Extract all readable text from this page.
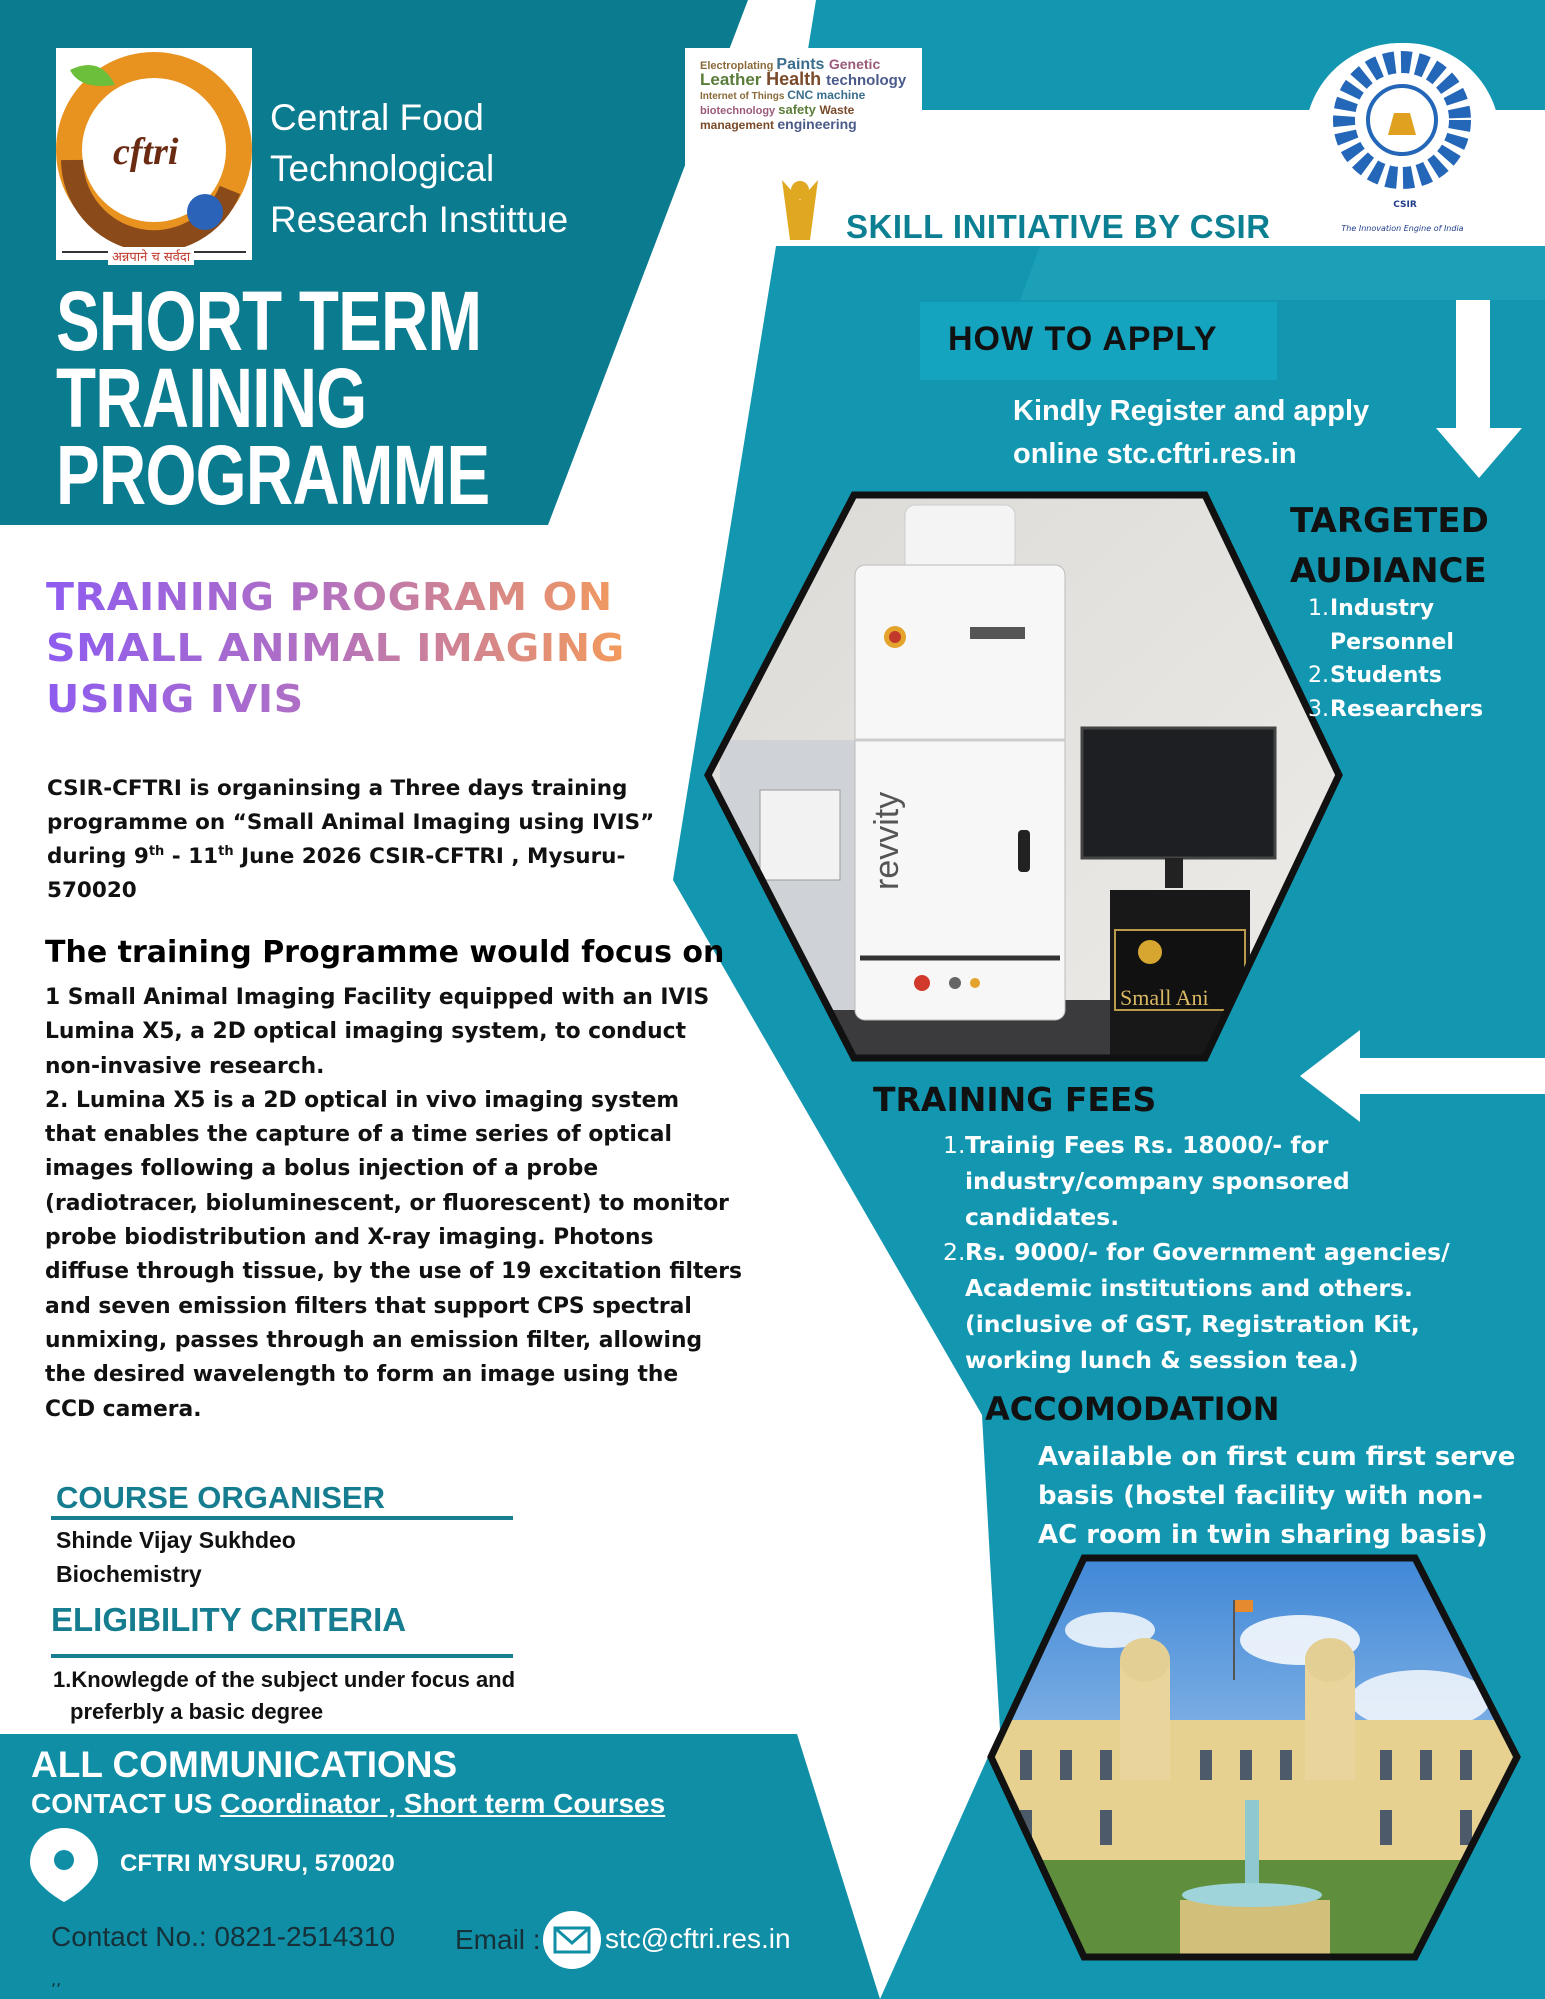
cftri
अन्नपाने च सर्वदा
Central Food
Technological
Research Instittue
Electroplating Paints Genetic Leather Health technology Internet of Things CNC machine biotechnology safety Waste management engineering
SKILL INITIATIVE BY CSIR
CSIR
The Innovation Engine of India
SHORT TERM
TRAINING
PROGRAMME
TRAINING PROGRAM ON
SMALL ANIMAL IMAGING
USING IVIS
CSIR-CFTRI is organinsing a Three days training programme on “Small Animal Imaging using IVIS” during 9th - 11th June 2026 CSIR-CFTRI , Mysuru-570020
The training Programme would focus on
1 Small Animal Imaging Facility equipped with an IVIS
Lumina X5, a 2D optical imaging system, to conduct
non-invasive research.
2. Lumina X5 is a 2D optical in vivo imaging system
that enables the capture of a time series of optical
images following a bolus injection of a probe
(radiotracer, bioluminescent, or fluorescent) to monitor
probe biodistribution and X-ray imaging. Photons
diffuse through tissue, by the use of 19 excitation filters
and seven emission filters that support CPS spectral
unmixing, passes through an emission filter, allowing
the desired wavelength to form an image using the
CCD camera.
COURSE ORGANISER
Shinde Vijay Sukhdeo
Biochemistry
ELIGIBILITY CRITERIA
1.Knowlegde of the subject under focus and
preferbly a basic degree
HOW TO APPLY
Kindly Register and apply
online stc.cftri.res.in
TARGETED
AUDIANCE
1.Industry
Personnel
2.Students
3.Researchers
revvity
Small Ani
TRAINING FEES
1.Trainig Fees Rs. 18000/- for
industry/company sponsored
candidates.
2.Rs. 9000/- for Government agencies/
Academic institutions and others.
(inclusive of GST, Registration Kit,
working lunch & session tea.)
ACCOMODATION
Available on first cum first serve
basis (hostel facility with non-
AC room in twin sharing basis)
ALL COMMUNICATIONS
CONTACT US Coordinator , Short term Courses
CFTRI MYSURU, 570020
Contact No.: 0821-2514310 Email : stc@cftri.res.in
,,
